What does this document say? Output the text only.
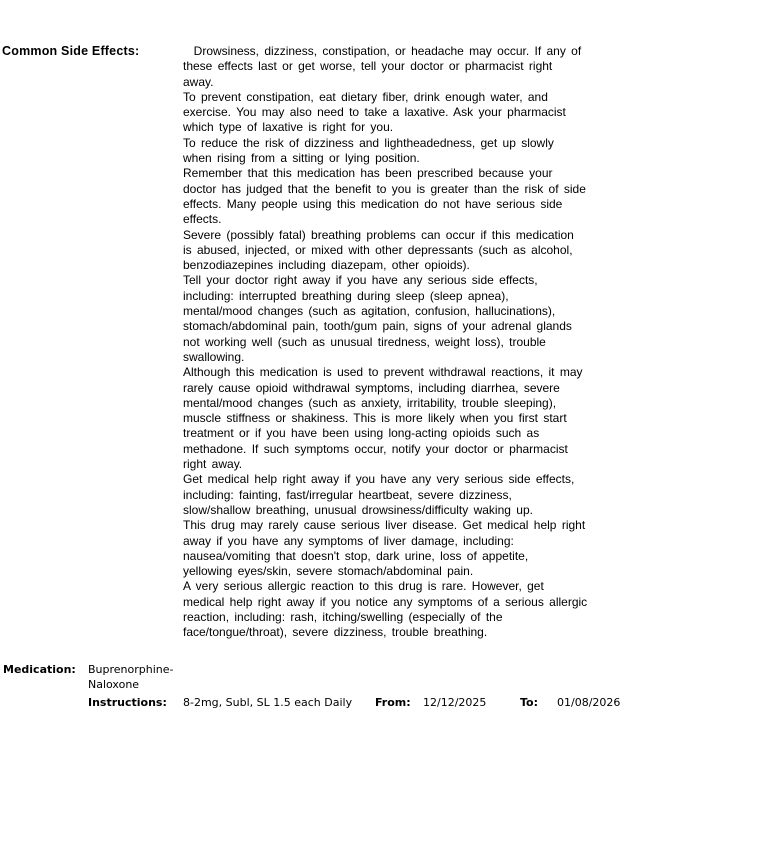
Common Side Effects:	Drowsiness, dizziness, constipation, or headache may occur. If any of
these effects last or get worse, tell your doctor or pharmacist right
away.
To prevent constipation, eat dietary fiber, drink enough water, and
exercise. You may also need to take a laxative. Ask your pharmacist
which type of laxative is right for you.
To reduce the risk of dizziness and lightheadedness, get up slowly
when rising from a sitting or lying position.
Remember that this medication has been prescribed because your
doctor has judged that the benefit to you is greater than the risk of side
effects. Many people using this medication do not have serious side
effects.
Severe (possibly fatal) breathing problems can occur if this medication
is abused, injected, or mixed with other depressants (such as alcohol,
benzodiazepines including diazepam, other opioids).
Tell your doctor right away if you have any serious side effects,
including: interrupted breathing during sleep (sleep apnea),
mental/mood changes (such as agitation, confusion, hallucinations),
stomach/abdominal pain, tooth/gum pain, signs of your adrenal glands
not working well (such as unusual tiredness, weight loss), trouble
swallowing.
Although this medication is used to prevent withdrawal reactions, it may
rarely cause opioid withdrawal symptoms, including diarrhea, severe
mental/mood changes (such as anxiety, irritability, trouble sleeping),
muscle stiffness or shakiness. This is more likely when you first start
treatment or if you have been using long-acting opioids such as
methadone. If such symptoms occur, notify your doctor or pharmacist
right away.
Get medical help right away if you have any very serious side effects,
including: fainting, fast/irregular heartbeat, severe dizziness,
slow/shallow breathing, unusual drowsiness/difficulty waking up.
This drug may rarely cause serious liver disease. Get medical help right
away if you have any symptoms of liver damage, including:
nausea/vomiting that doesn't stop, dark urine, loss of appetite,
yellowing eyes/skin, severe stomach/abdominal pain.
A very serious allergic reaction to this drug is rare. However, get
medical help right away if you notice any symptoms of a serious allergic
reaction, including: rash, itching/swelling (especially of the
face/tongue/throat), severe dizziness, trouble breathing.
Medication: Buprenorphine-Naloxone
Instructions: 8-2mg, Subl, SL 1.5 each Daily From: 12/12/2025	To: 01/08/2026
